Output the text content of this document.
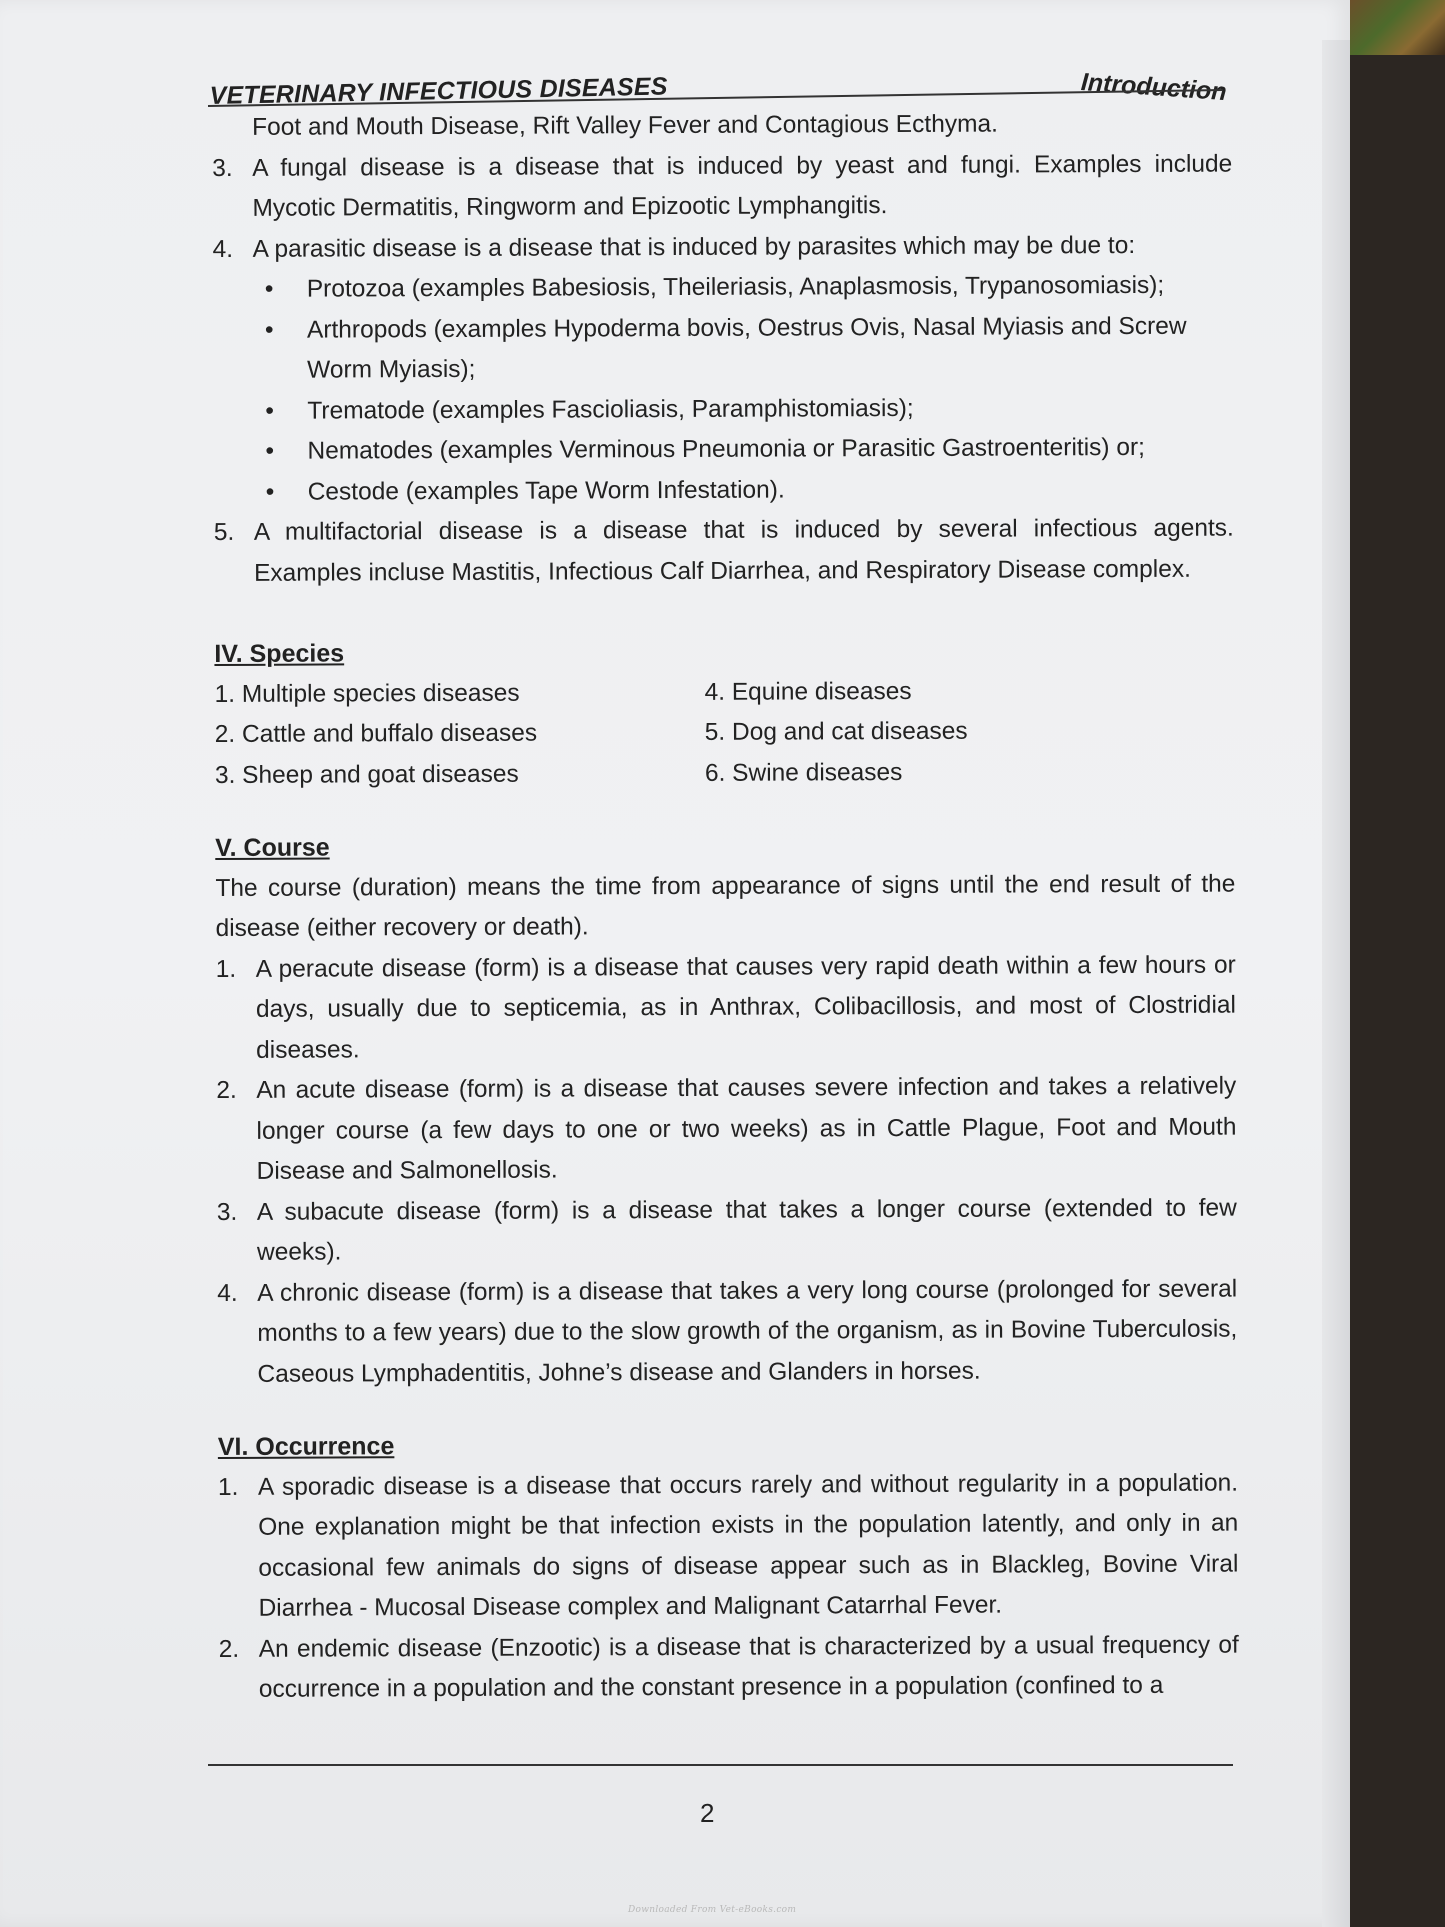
VETERINARY INFECTIOUS DISEASES	Introduction

Foot and Mouth Disease, Rift Valley Fever and Contagious Ecthyma.

3. A fungal disease is a disease that is induced by yeast and fungi. Examples include Mycotic Dermatitis, Ringworm and Epizootic Lymphangitis.
4. A parasitic disease is a disease that is induced by parasites which may be due to:
•	Protozoa (examples Babesiosis, Theileriasis, Anaplasmosis, Trypanosomiasis);
•	Arthropods (examples Hypoderma bovis, Oestrus Ovis, Nasal Myiasis and Screw Worm Myiasis);
•	Trematode (examples Fascioliasis, Paramphistomiasis);
•	Nematodes (examples Verminous Pneumonia or Parasitic Gastroenteritis) or;
•	Cestode (examples Tape Worm Infestation).
5. A multifactorial disease is a disease that is induced by several infectious agents. Examples incluse Mastitis, Infectious Calf Diarrhea, and Respiratory Disease complex.
IV. Species
1. Multiple species diseases	4. Equine diseases
2. Cattle and buffalo diseases	5. Dog and cat diseases
3. Sheep and goat diseases	6. Swine diseases
V. Course

The course (duration) means the time from appearance of signs until the end result of the disease (either recovery or death).

1. A peracute disease (form) is a disease that causes very rapid death within a few hours or days, usually due to septicemia, as in Anthrax, Colibacillosis, and most of Clostridial diseases.
2. An acute disease (form) is a disease that causes severe infection and takes a relatively longer course (a few days to one or two weeks) as in Cattle Plague, Foot and Mouth Disease and Salmonellosis.
3. A subacute disease (form) is a disease that takes a longer course (extended to few weeks).
4. A chronic disease (form) is a disease that takes a very long course (prolonged for several months to a few years) due to the slow growth of the organism, as in Bovine Tuberculosis, Caseous Lymphadentitis, Johne’s disease and Glanders in horses.
VI. Occurrence
1. A sporadic disease is a disease that occurs rarely and without regularity in a population. One explanation might be that infection exists in the population latently, and only in an occasional few animals do signs of disease appear such as in Blackleg, Bovine Viral Diarrhea - Mucosal Disease complex and Malignant Catarrhal Fever.
2. An endemic disease (Enzootic) is a disease that is characterized by a usual frequency of occurrence in a population and the constant presence in a population (confined to a
2
Downloaded From Vet-eBooks.com
